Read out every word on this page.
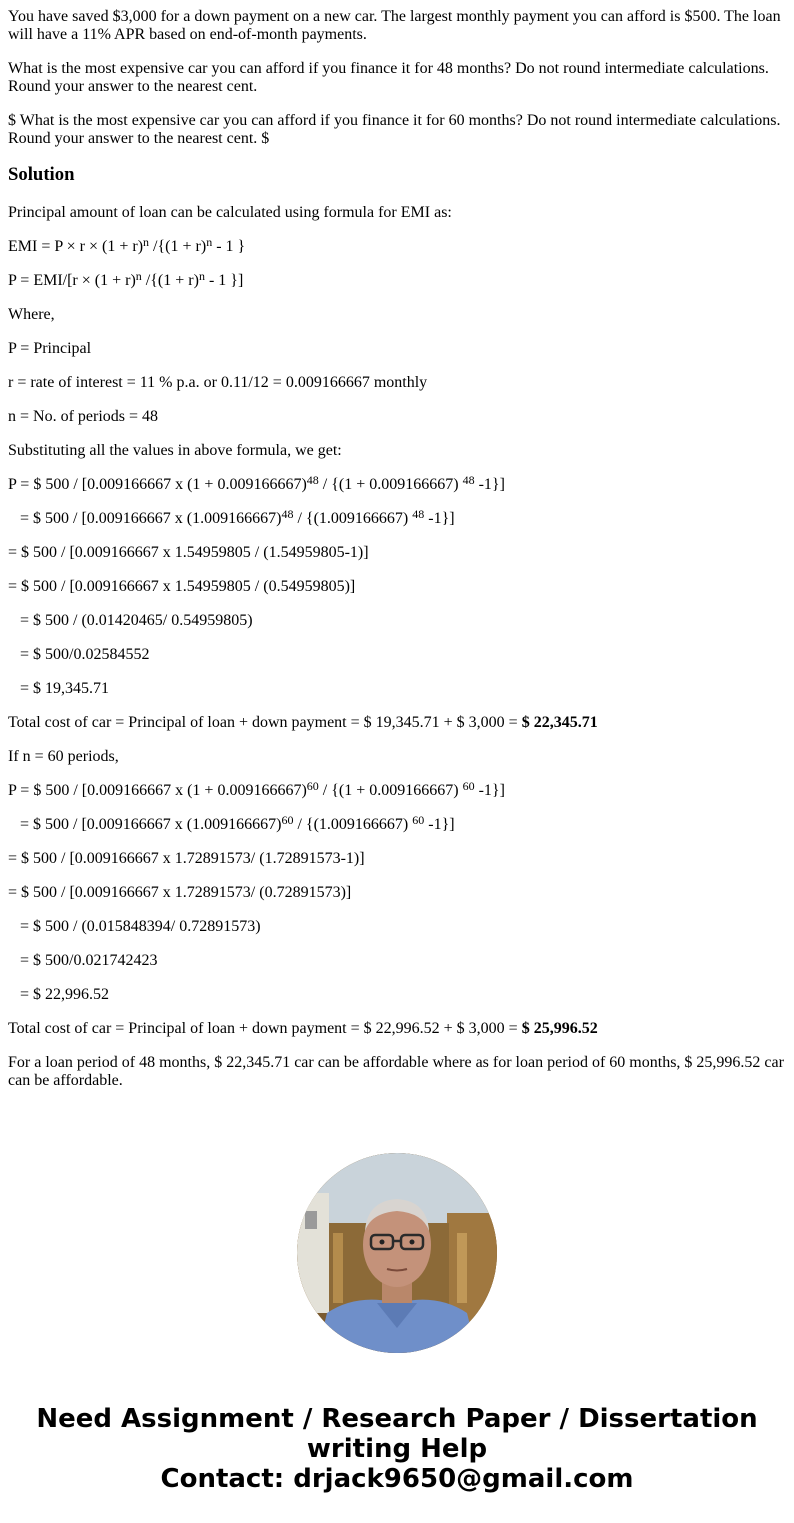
You have saved $3,000 for a down payment on a new car. The largest monthly payment you can afford is $500. The loan will have a 11% APR based on end-of-month payments.

What is the most expensive car you can afford if you finance it for 48 months? Do not round intermediate calculations. Round your answer to the nearest cent.

$ What is the most expensive car you can afford if you finance it for 60 months? Do not round intermediate calculations. Round your answer to the nearest cent. $

Solution

Principal amount of loan can be calculated using formula for EMI as:

EMI = $P \times r \times (1 + r)^n$ $/\{(1 + r)^n - 1$ }

$P = EMI/[r \times (1 + r)^n$ $/\{(1 + r)^n - 1$ }]

Where,

P = Principal

r = rate of interest = 11 % p.a. or 0.11/12 = 0.009166667 monthly

n = No. of periods = 48

Substituting all the values in above formula, we get:

P = $ 500 / [0.009166667 x $(1 + 0.009166667)^{48} / \{(1 + 0.009166667)$ $^{48}$ -1}]

= $ 500 / [0.009166667 x $(1.009166667)^{48} / \{(1.009166667)$ $^{48}$ -1}]

= $ 500 / [0.009166667 x 1.54959805 / (1.54959805-1)]

= $ 500 / [0.009166667 x 1.54959805 / (0.54959805)]

= $ 500 / (0.01420465/ 0.54959805)

= $ 500/0.02584552

= $ 19,345.71

Total cost of car = Principal of loan + down payment = $ 19,345.71 + $ 3,000 = $ 22,345.71

If n = 60 periods,

P = $ 500 / [0.009166667 x $(1 + 0.009166667)^{60} / \{(1 + 0.009166667)$ $^{60}$ -1}]

= $ 500 / [0.009166667 x $(1.009166667)^{60} / \{(1.009166667)$ $^{60}$ -1}]

= $ 500 / [0.009166667 x 1.72891573/ (1.72891573-1)]

= $ 500 / [0.009166667 x 1.72891573/ (0.72891573)]

= $ 500 / (0.015848394/ 0.72891573)

= $ 500/0.021742423

= $ 22,996.52

Total cost of car = Principal of loan + down payment = $ 22,996.52 + $ 3,000 = $ 25,996.52

For a loan period of 48 months, $ 22,345.71 car can be affordable where as for loan period of 60 months, $ 25,996.52 car can be affordable.

Need Assignment / Research Paper / Dissertation
writing Help
Contact: drjack9650@gmail.com
